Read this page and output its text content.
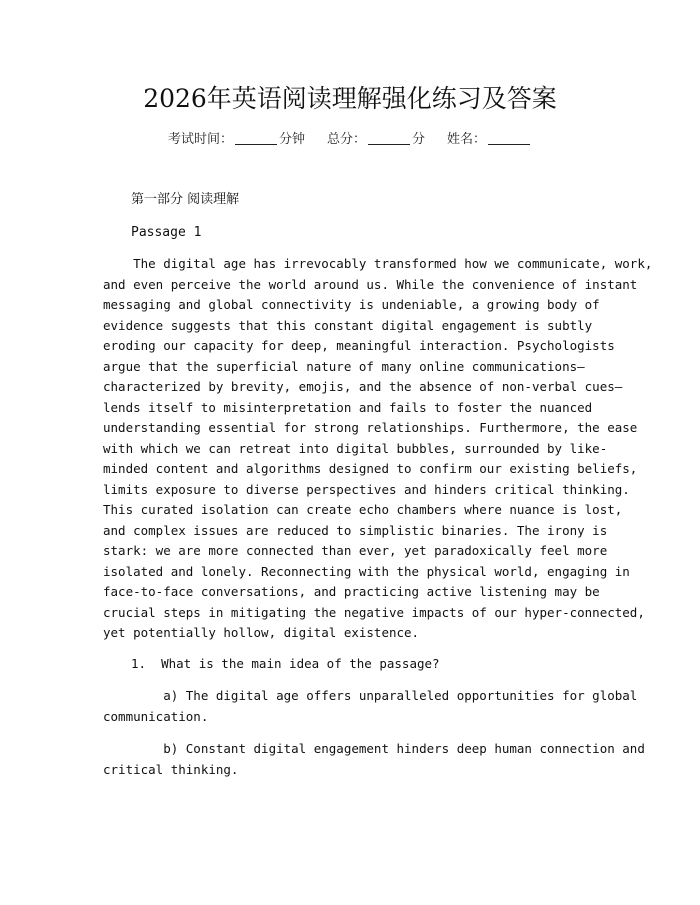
2026年英语阅读理解强化练习及答案
考试时间：	分钟 总分：	分 姓名：
第一部分 阅读理解
Passage 1
The digital age has irrevocably transformed how we communicate, work,
and even perceive the world around us. While the convenience of instant
messaging and global connectivity is undeniable, a growing body of
evidence suggests that this constant digital engagement is subtly
eroding our capacity for deep, meaningful interaction. Psychologists
argue that the superficial nature of many online communications—
characterized by brevity, emojis, and the absence of non-verbal cues—
lends itself to misinterpretation and fails to foster the nuanced
understanding essential for strong relationships. Furthermore, the ease
with which we can retreat into digital bubbles, surrounded by like-
minded content and algorithms designed to confirm our existing beliefs,
limits exposure to diverse perspectives and hinders critical thinking.
This curated isolation can create echo chambers where nuance is lost,
and complex issues are reduced to simplistic binaries. The irony is
stark: we are more connected than ever, yet paradoxically feel more
isolated and lonely. Reconnecting with the physical world, engaging in
face-to-face conversations, and practicing active listening may be
crucial steps in mitigating the negative impacts of our hyper-connected,
yet potentially hollow, digital existence.
1.  What is the main idea of the passage?
a) The digital age offers unparalleled opportunities for global
communication.
b) Constant digital engagement hinders deep human connection and
critical thinking.
